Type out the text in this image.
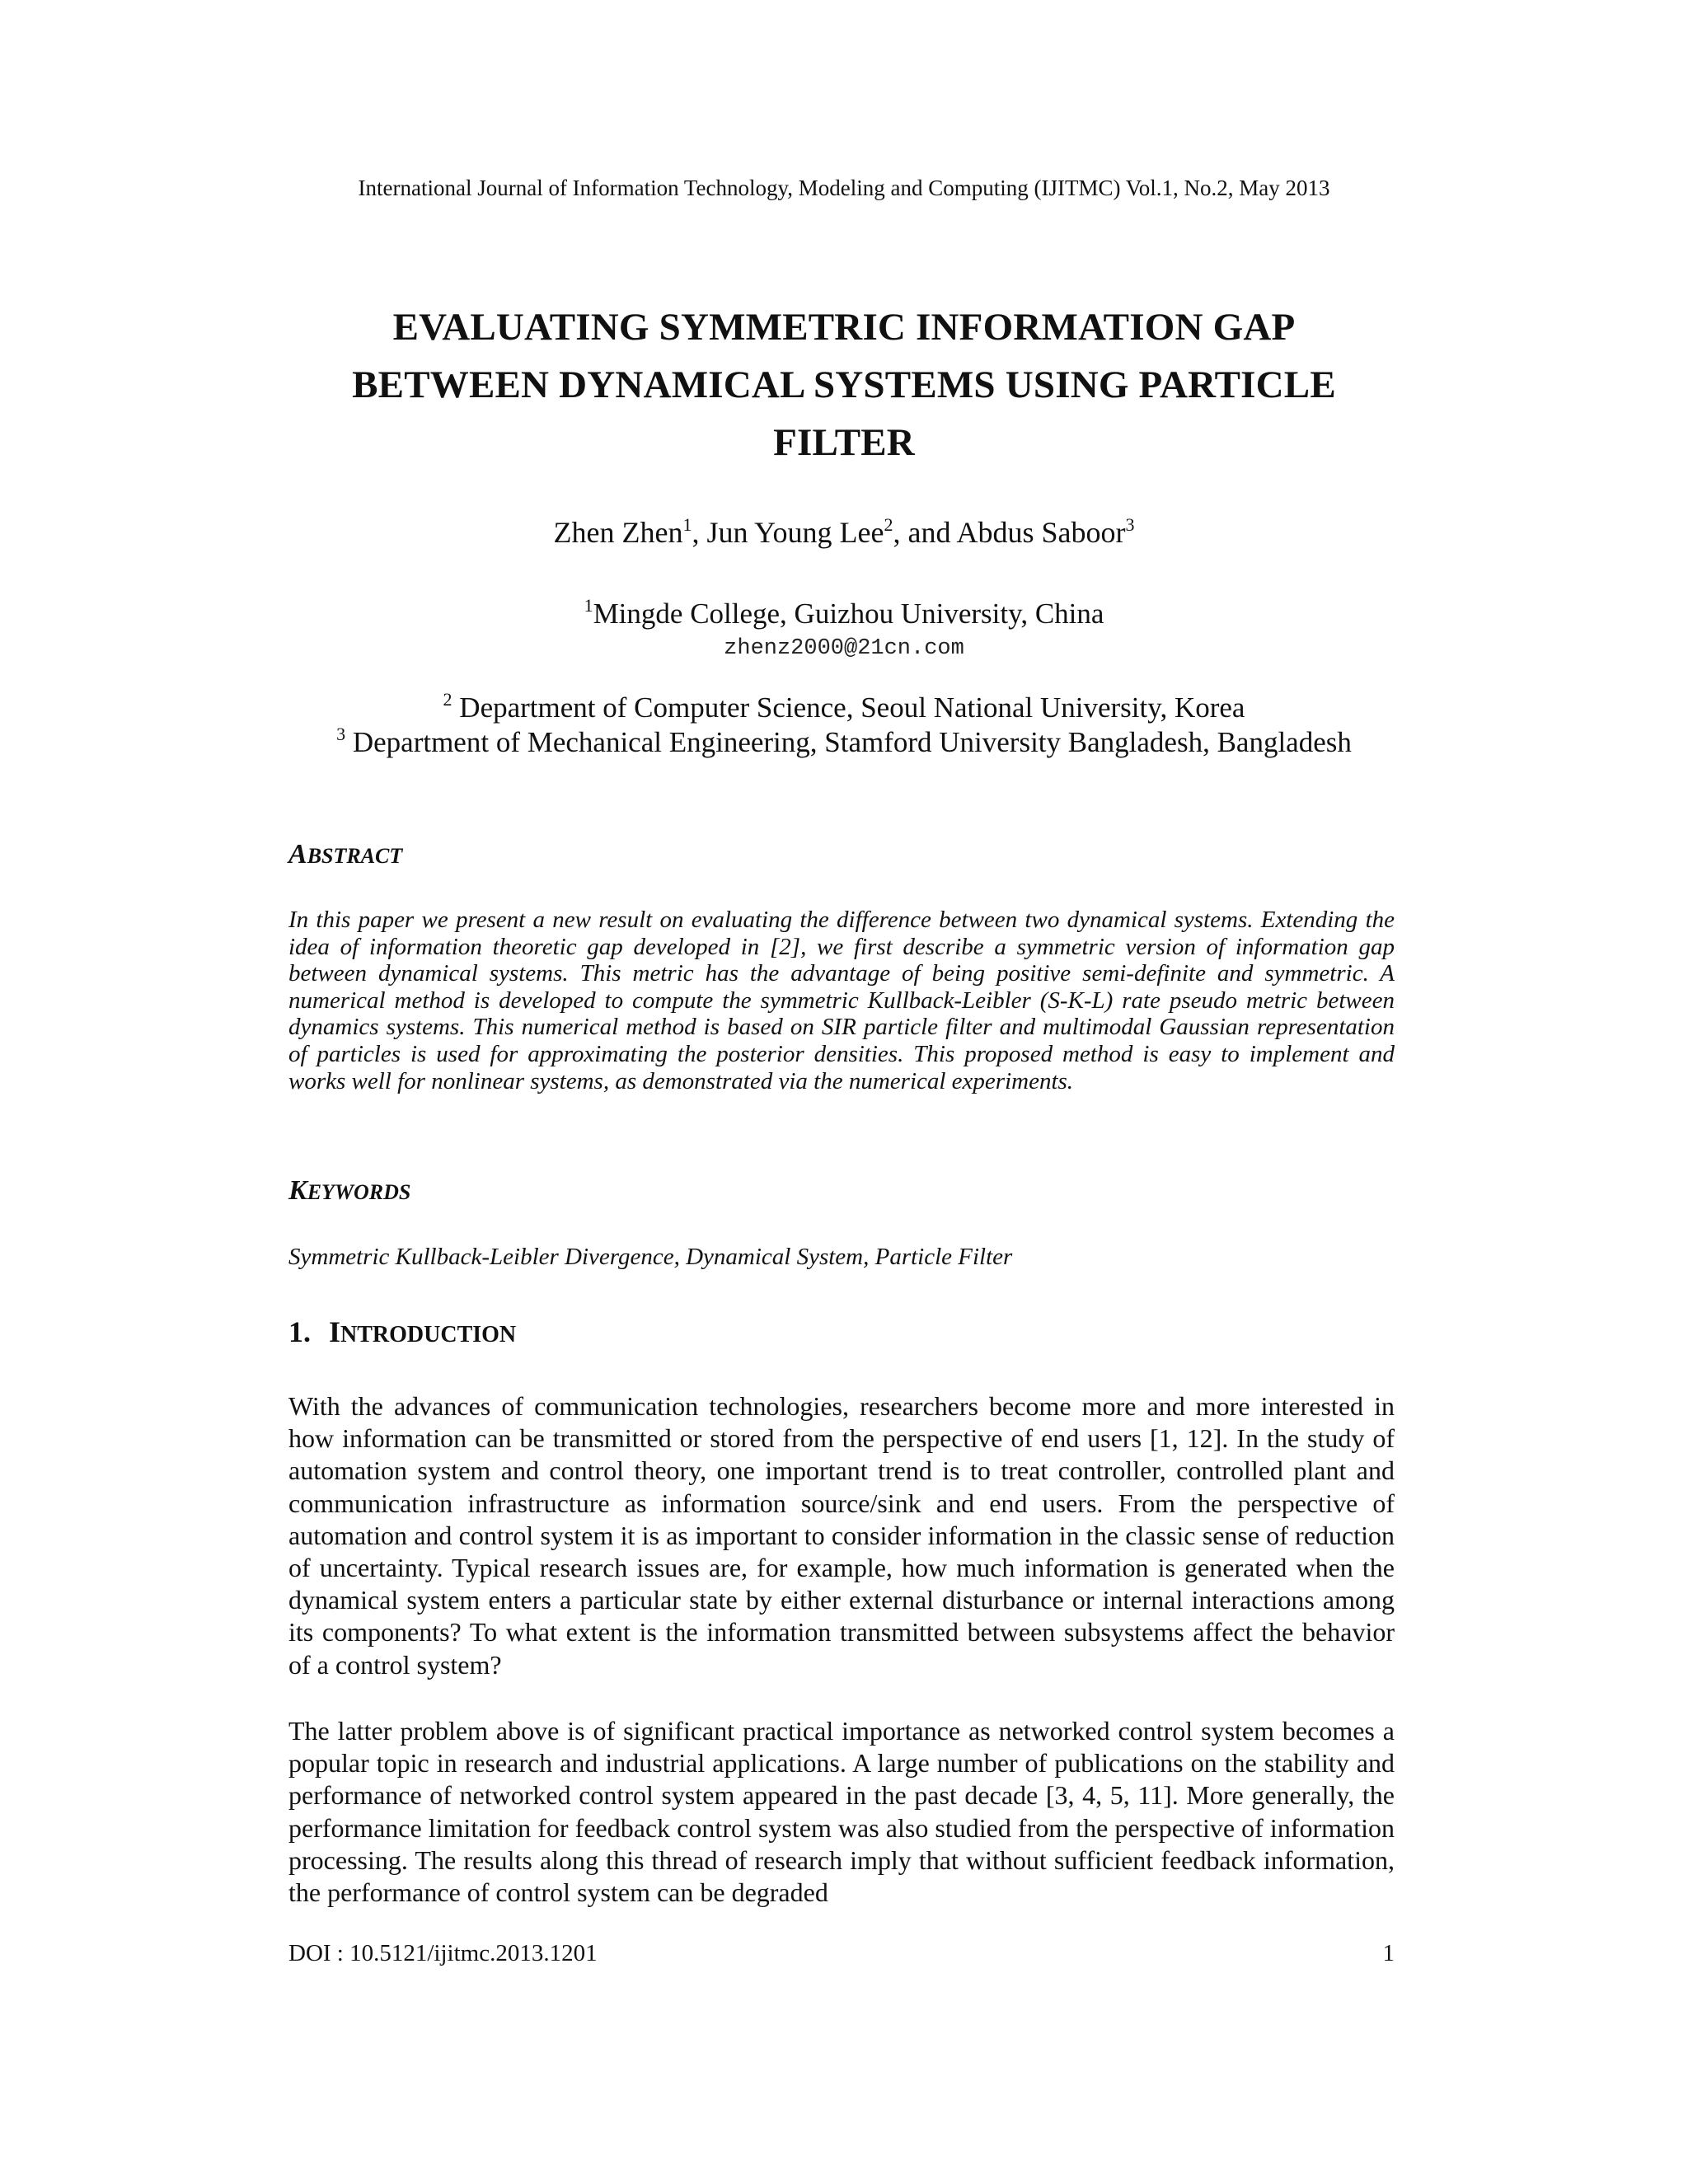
International Journal of Information Technology, Modeling and Computing (IJITMC) Vol.1, No.2, May 2013
EVALUATING SYMMETRIC INFORMATION GAP
BETWEEN DYNAMICAL SYSTEMS USING PARTICLE
FILTER
Zhen Zhen$^1$, Jun Young Lee$^2$, and Abdus Saboor$^3$
$^1$Mingde College, Guizhou University, China
zhenz2000@21cn.com
$^2$ Department of Computer Science, Seoul National University, Korea
$^3$ Department of Mechanical Engineering, Stamford University Bangladesh, Bangladesh
ABSTRACT

In this paper we present a new result on evaluating the difference between two dynamical systems. Extending the idea of information theoretic gap developed in [2], we first describe a symmetric version of information gap between dynamical systems. This metric has the advantage of being positive semi-definite and symmetric. A numerical method is developed to compute the symmetric Kullback-Leibler (S-K-L) rate pseudo metric between dynamics systems. This numerical method is based on SIR particle filter and multimodal Gaussian representation of particles is used for approximating the posterior densities. This proposed method is easy to implement and works well for nonlinear systems, as demonstrated via the numerical experiments.

KEYWORDS

Symmetric Kullback-Leibler Divergence, Dynamical System, Particle Filter

1. INTRODUCTION

With the advances of communication technologies, researchers become more and more interested in how information can be transmitted or stored from the perspective of end users [1, 12]. In the study of automation system and control theory, one important trend is to treat controller, controlled plant and communication infrastructure as information source/sink and end users. From the perspective of automation and control system it is as important to consider information in the classic sense of reduction of uncertainty. Typical research issues are, for example, how much information is generated when the dynamical system enters a particular state by either external disturbance or internal interactions among its components? To what extent is the information transmitted between subsystems affect the behavior of a control system?

The latter problem above is of significant practical importance as networked control system becomes a popular topic in research and industrial applications. A large number of publications on the stability and performance of networked control system appeared in the past decade [3, 4, 5, 11]. More generally, the performance limitation for feedback control system was also studied from the perspective of information processing. The results along this thread of research imply that without sufficient feedback information, the performance of control system can be degraded

DOI : 10.5121/ijitmc.2013.1201	1
